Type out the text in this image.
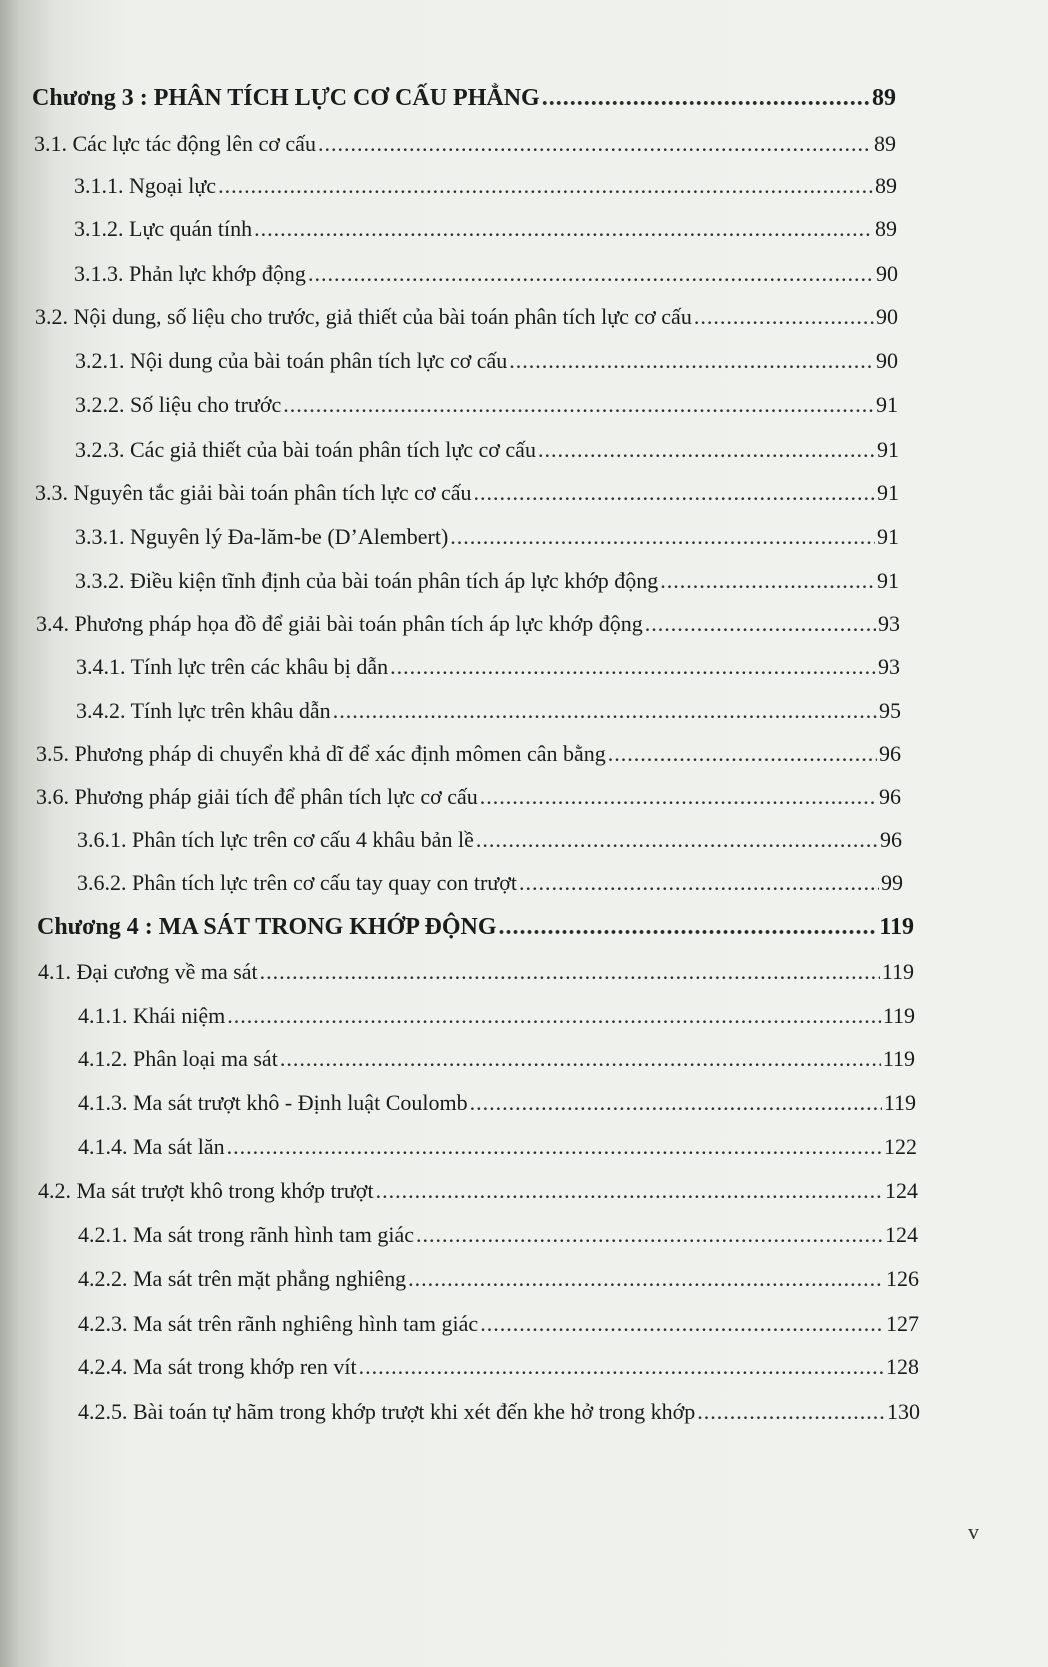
Chương 3 : PHÂN TÍCH LỰC CƠ CẤU PHẲNG .....	89
3.1. Các lực tác động lên cơ cấu .....	89
3.1.1. Ngoại lực .....	89
3.1.2. Lực quán tính .....	89
3.1.3. Phản lực khớp động .....	90
3.2. Nội dung, số liệu cho trước, giả thiết của bài toán phân tích lực cơ cấu .....	90
3.2.1. Nội dung của bài toán phân tích lực cơ cấu .....	90
3.2.2. Số liệu cho trước .....	91
3.2.3. Các giả thiết của bài toán phân tích lực cơ cấu .....	91
3.3. Nguyên tắc giải bài toán phân tích lực cơ cấu .....	91
3.3.1. Nguyên lý Đa-lăm-be (D’Alembert) .....	91
3.3.2. Điều kiện tĩnh định của bài toán phân tích áp lực khớp động .....	91
3.4. Phương pháp họa đồ để giải bài toán phân tích áp lực khớp động .....	93
3.4.1. Tính lực trên các khâu bị dẫn .....	93
3.4.2. Tính lực trên khâu dẫn .....	95
3.5. Phương pháp di chuyển khả dĩ để xác định mômen cân bằng .....	96
3.6. Phương pháp giải tích để phân tích lực cơ cấu .....	96
3.6.1. Phân tích lực trên cơ cấu 4 khâu bản lề .....	96
3.6.2. Phân tích lực trên cơ cấu tay quay con trượt .....	99
Chương 4 : MA SÁT TRONG KHỚP ĐỘNG .....	119
4.1. Đại cương về ma sát .....	119
4.1.1. Khái niệm .....	119
4.1.2. Phân loại ma sát .....	119
4.1.3. Ma sát trượt khô - Định luật Coulomb .....	119
4.1.4. Ma sát lăn .....	122
4.2. Ma sát trượt khô trong khớp trượt .....	124
4.2.1. Ma sát trong rãnh hình tam giác .....	124
4.2.2. Ma sát trên mặt phẳng nghiêng .....	126
4.2.3. Ma sát trên rãnh nghiêng hình tam giác .....	127
4.2.4. Ma sát trong khớp ren vít .....	128
4.2.5. Bài toán tự hãm trong khớp trượt khi xét đến khe hở trong khớp .....	130
v
